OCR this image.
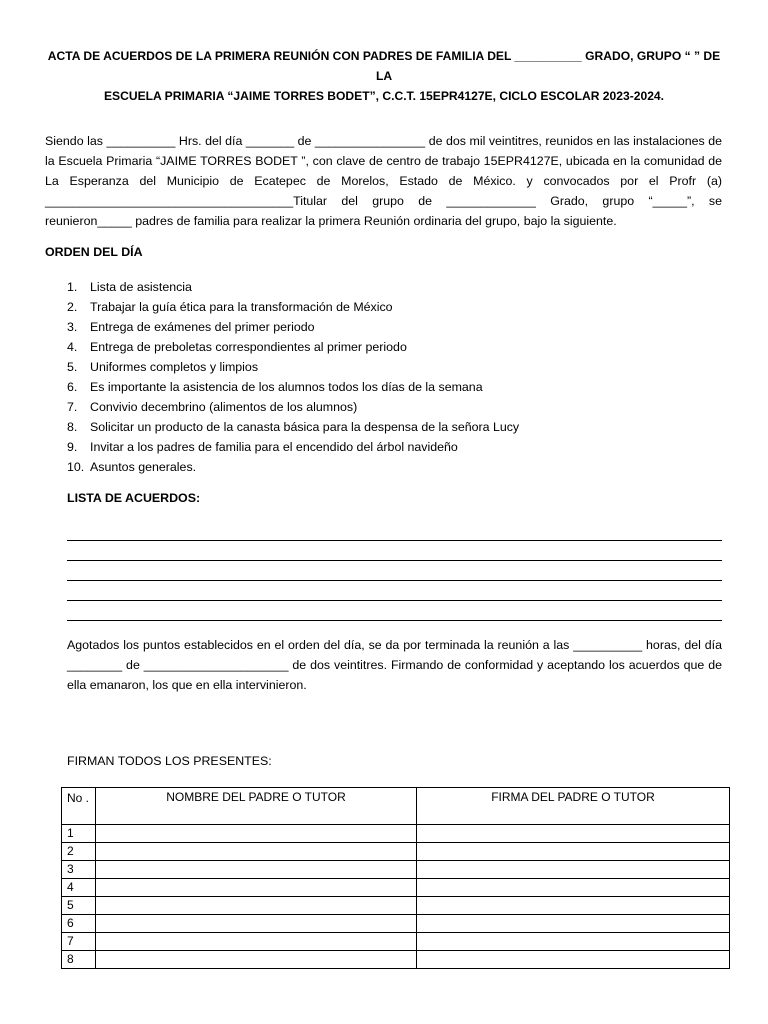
ACTA DE ACUERDOS DE LA PRIMERA REUNIÓN CON PADRES DE FAMILIA DEL __________ GRADO, GRUPO “ ” DE LA
ESCUELA PRIMARIA “JAIME TORRES BODET”, C.C.T. 15EPR4127E, CICLO ESCOLAR 2023-2024.

Siendo las __________ Hrs. del día _______ de ________________ de dos mil veintitres, reunidos en las instalaciones de la Escuela Primaria “JAIME TORRES BODET ”, con clave de centro de trabajo 15EPR4127E, ubicada en la comunidad de La Esperanza del Municipio de Ecatepec de Morelos, Estado de México. y convocados por el Profr (a) ____________________________________Titular del grupo de _____________ Grado, grupo “_____”, se reunieron_____ padres de familia para realizar la primera Reunión ordinaria del grupo, bajo la siguiente.

ORDEN DEL DÍA
1.	Lista de asistencia
2.	Trabajar la guía ética para la transformación de México
3.	Entrega de exámenes del primer periodo
4.	Entrega de preboletas correspondientes al primer periodo
5.	Uniformes completos y limpios
6.	Es importante la asistencia de los alumnos todos los días de la semana
7.	Convivio decembrino (alimentos de los alumnos)
8.	Solicitar un producto de la canasta básica para la despensa de la señora Lucy
9.	Invitar a los padres de familia para el encendido del árbol navideño
10. Asuntos generales.
LISTA DE ACUERDOS:

Agotados los puntos establecidos en el orden del día, se da por terminada la reunión a las __________ horas, del día ________ de _____________________ de dos veintitres. Firmando de conformidad y aceptando los acuerdos que de ella emanaron, los que en ella intervinieron.

FIRMAN TODOS LOS PRESENTES:
No .	NOMBRE DEL PADRE O TUTOR	FIRMA DEL PADRE O TUTOR
1		
2		
3		
4		
5		
6		
7		
8		
